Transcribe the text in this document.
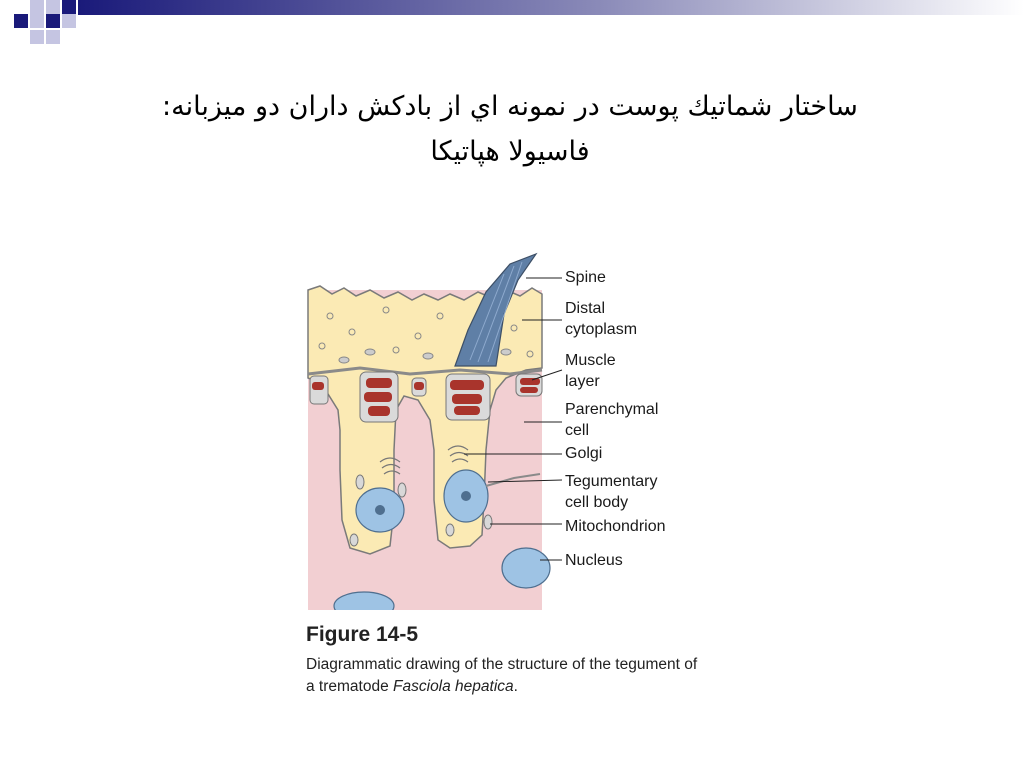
ساختار شماتيك پوست در نمونه اي از بادكش داران دو ميزبانه:
فاسيولا هپاتيكا
Spine
Distal
cytoplasm
Muscle
layer
Parenchymal
cell
Golgi
Tegumentary
cell body
Mitochondrion
Nucleus
Figure 14-5
Diagrammatic drawing of the structure of the tegument of a trematode Fasciola hepatica.
